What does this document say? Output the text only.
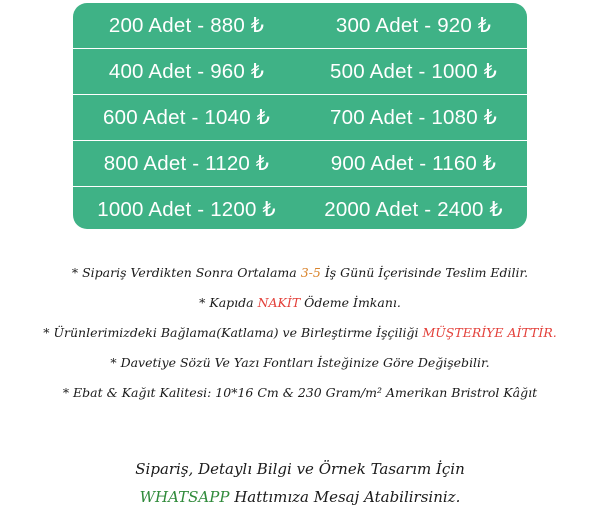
200 Adet - 880 ₺	300 Adet - 920 ₺
400 Adet - 960 ₺	500 Adet - 1000 ₺
600 Adet - 1040 ₺	700 Adet - 1080 ₺
800 Adet - 1120 ₺	900 Adet - 1160 ₺
1000 Adet - 1200 ₺	2000 Adet - 2400 ₺
* Sipariş Verdikten Sonra Ortalama 3-5 İş Günü İçerisinde Teslim Edilir.
* Kapıda NAKİT Ödeme İmkanı.
* Ürünlerimizdeki Bağlama(Katlama) ve Birleştirme İşçiliği MÜŞTERİYE AİTTİR.
* Davetiye Sözü Ve Yazı Fontları İsteğinize Göre Değişebilir.
* Ebat & Kağıt Kalitesi: 10*16 Cm & 230 Gram/m² Amerikan Bristrol Kâğıt
Sipariş, Detaylı Bilgi ve Örnek Tasarım İçin
WHATSAPP Hattımıza Mesaj Atabilirsiniz.
